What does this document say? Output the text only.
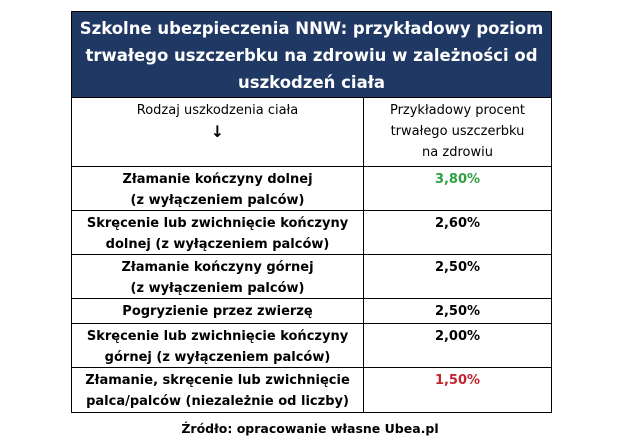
Szkolne ubezpieczenia NNW: przykładowy poziom
trwałego uszczerbku na zdrowiu w zależności od
uszkodzeń ciała
Rodzaj uszkodzenia ciała
↓
Przykładowy procent
trwałego uszczerbku
na zdrowiu
Złamanie kończyny dolnej
(z wyłączeniem palców)
3,80%
Skręcenie lub zwichnięcie kończyny
dolnej (z wyłączeniem palców)
2,60%
Złamanie kończyny górnej
(z wyłączeniem palców)
2,50%
Pogryzienie przez zwierzę	2,50%
Skręcenie lub zwichnięcie kończyny
górnej (z wyłączeniem palców)
2,00%
Złamanie, skręcenie lub zwichnięcie
palca/palców (niezależnie od liczby)
1,50%
Źródło: opracowanie własne Ubea.pl
